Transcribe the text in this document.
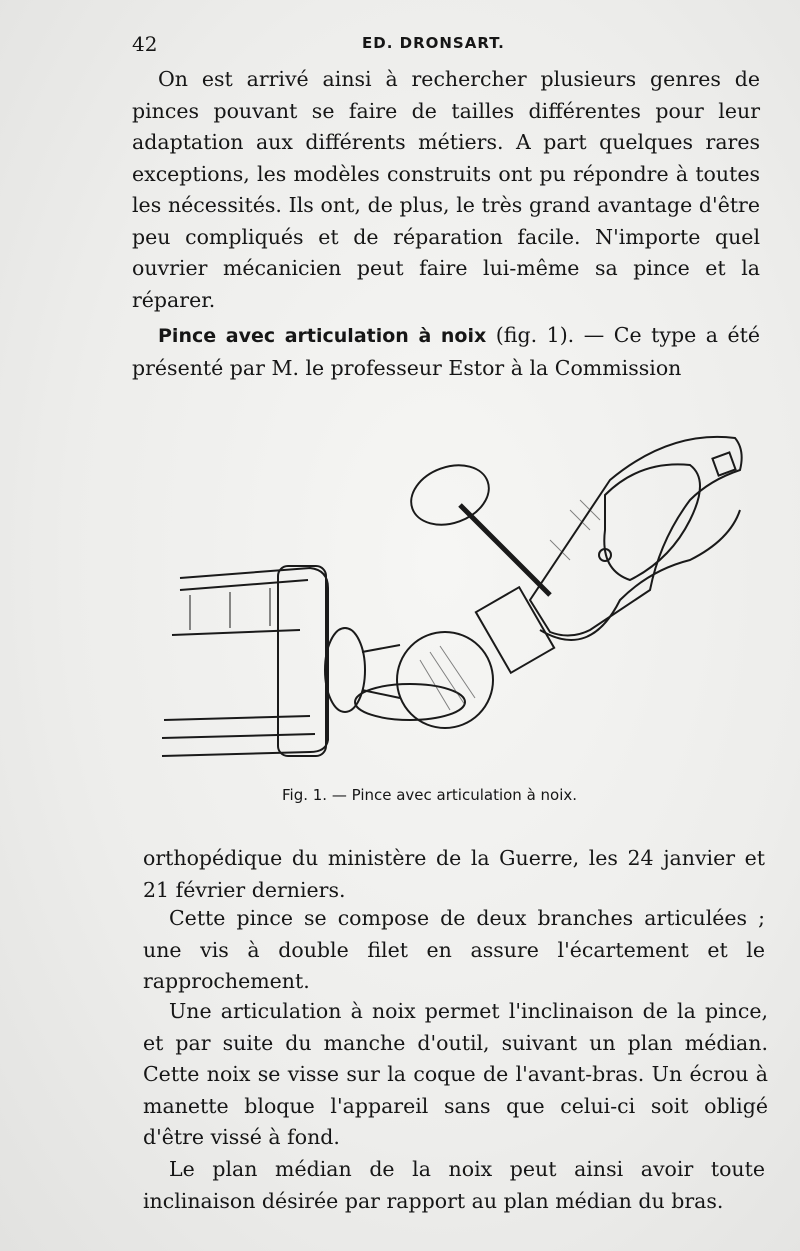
42	ED. DRONSART.

On est arrivé ainsi à rechercher plusieurs genres de pinces pouvant se faire de tailles différentes pour leur adaptation aux différents métiers. A part quelques rares exceptions, les modèles construits ont pu répondre à toutes les nécessités. Ils ont, de plus, le très grand avantage d'être peu compliqués et de réparation facile. N'importe quel ouvrier mécanicien peut faire lui-même sa pince et la réparer.

Pince avec articulation à noix (fig. 1). — Ce type a été présenté par M. le professeur Estor à la Commission

Fig. 1. — Pince avec articulation à noix.

orthopédique du ministère de la Guerre, les 24 janvier et 21 février derniers.

Cette pince se compose de deux branches articulées ; une vis à double filet en assure l'écartement et le rapprochement.

Une articulation à noix permet l'inclinaison de la pince, et par suite du manche d'outil, suivant un plan médian. Cette noix se visse sur la coque de l'avant-bras. Un écrou à manette bloque l'appareil sans que celui-ci soit obligé d'être vissé à fond.

Le plan médian de la noix peut ainsi avoir toute inclinaison désirée par rapport au plan médian du bras.
